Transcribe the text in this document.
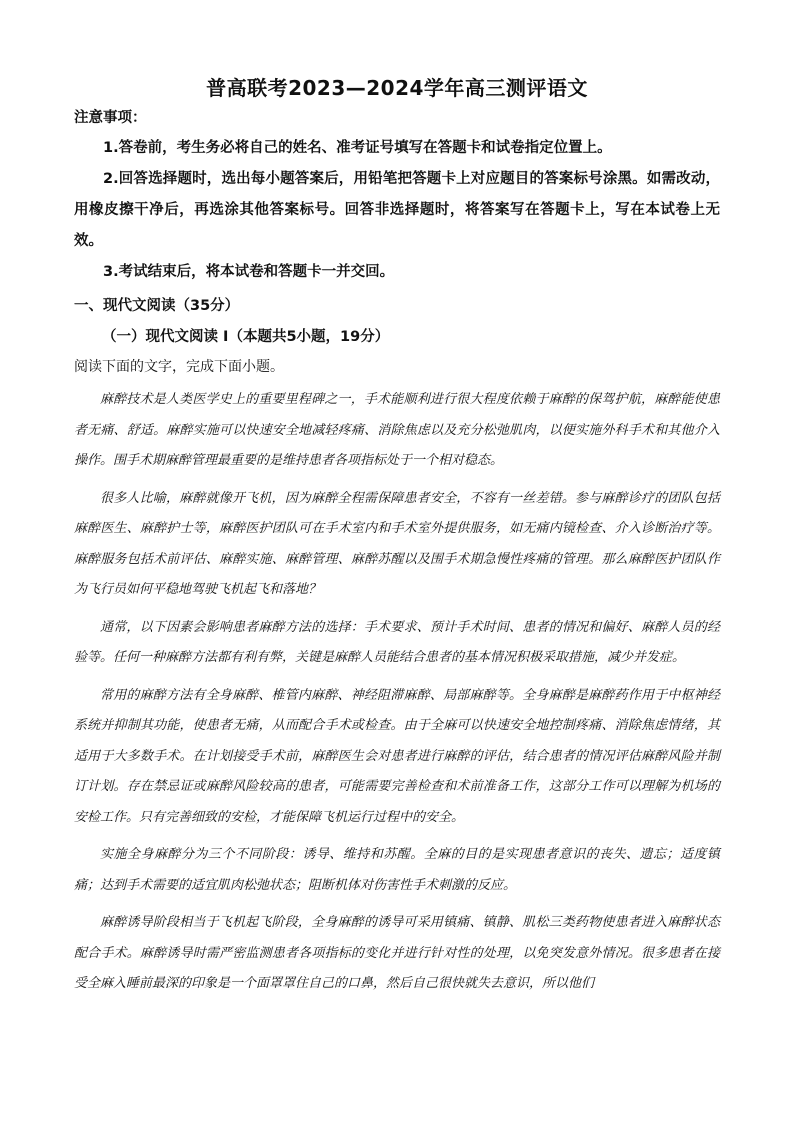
普高联考2023—2024学年高三测评语文

注意事项：

1.答卷前，考生务必将自己的姓名、准考证号填写在答题卡和试卷指定位置上。

2.回答选择题时，选出每小题答案后，用铅笔把答题卡上对应题目的答案标号涂黑。如需改动，用橡皮擦干净后，再选涂其他答案标号。回答非选择题时，将答案写在答题卡上，写在本试卷上无效。

3.考试结束后，将本试卷和答题卡一并交回。

一、现代文阅读（35分）

（一）现代文阅读 I（本题共5小题，19分）

阅读下面的文字，完成下面小题。

麻醉技术是人类医学史上的重要里程碑之一，手术能顺利进行很大程度依赖于麻醉的保驾护航，麻醉能使患者无痛、舒适。麻醉实施可以快速安全地减轻疼痛、消除焦虑以及充分松弛肌肉，以便实施外科手术和其他介入操作。围手术期麻醉管理最重要的是维持患者各项指标处于一个相对稳态。

很多人比喻，麻醉就像开飞机，因为麻醉全程需保障患者安全，不容有一丝差错。参与麻醉诊疗的团队包括麻醉医生、麻醉护士等，麻醉医护团队可在手术室内和手术室外提供服务，如无痛内镜检查、介入诊断治疗等。麻醉服务包括术前评估、麻醉实施、麻醉管理、麻醉苏醒以及围手术期急慢性疼痛的管理。那么麻醉医护团队作为飞行员如何平稳地驾驶飞机起飞和落地？

通常，以下因素会影响患者麻醉方法的选择：手术要求、预计手术时间、患者的情况和偏好、麻醉人员的经验等。任何一种麻醉方法都有利有弊，关键是麻醉人员能结合患者的基本情况积极采取措施，减少并发症。

常用的麻醉方法有全身麻醉、椎管内麻醉、神经阻滞麻醉、局部麻醉等。全身麻醉是麻醉药作用于中枢神经系统并抑制其功能，使患者无痛，从而配合手术或检查。由于全麻可以快速安全地控制疼痛、消除焦虑情绪，其适用于大多数手术。在计划接受手术前，麻醉医生会对患者进行麻醉的评估，结合患者的情况评估麻醉风险并制订计划。存在禁忌证或麻醉风险较高的患者，可能需要完善检查和术前准备工作，这部分工作可以理解为机场的安检工作。只有完善细致的安检，才能保障飞机运行过程中的安全。

实施全身麻醉分为三个不同阶段：诱导、维持和苏醒。全麻的目的是实现患者意识的丧失、遗忘；适度镇痛；达到手术需要的适宜肌肉松弛状态；阻断机体对伤害性手术刺激的反应。

麻醉诱导阶段相当于飞机起飞阶段，全身麻醉的诱导可采用镇痛、镇静、肌松三类药物使患者进入麻醉状态配合手术。麻醉诱导时需严密监测患者各项指标的变化并进行针对性的处理，以免突发意外情况。很多患者在接受全麻入睡前最深的印象是一个面罩罩住自己的口鼻，然后自己很快就失去意识，所以他们
